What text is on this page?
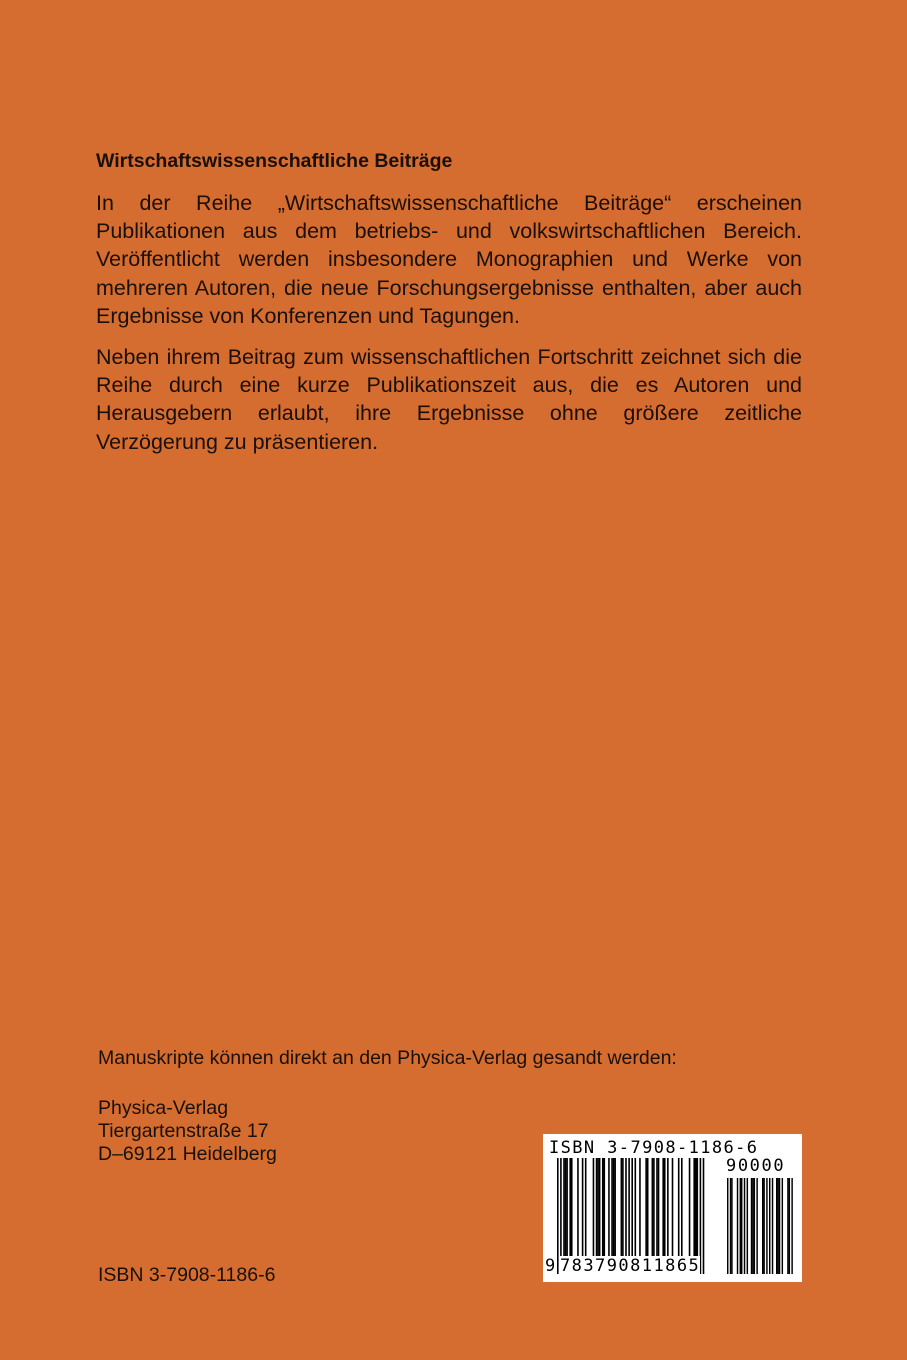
Wirtschaftswissenschaftliche Beiträge

In der Reihe „Wirtschaftswissenschaftliche Beiträge“ erscheinen Publikationen aus dem betriebs- und volkswirtschaftlichen Bereich. Veröffentlicht werden insbesondere Monographien und Werke von mehreren Autoren, die neue Forschungsergebnisse enthalten, aber auch Ergebnisse von Konferenzen und Tagungen.

Neben ihrem Beitrag zum wissenschaftlichen Fortschritt zeichnet sich die Reihe durch eine kurze Publikationszeit aus, die es Autoren und Herausgebern erlaubt, ihre Ergebnisse ohne größere zeitliche Verzögerung zu präsentieren.

Manuskripte können direkt an den Physica-Verlag gesandt werden:

Physica-Verlag

Tiergartenstraße 17

D–69121 Heidelberg

ISBN 3-7908-1186-6

ISBN 3-7908-1186-6
90000
9 783790811865
